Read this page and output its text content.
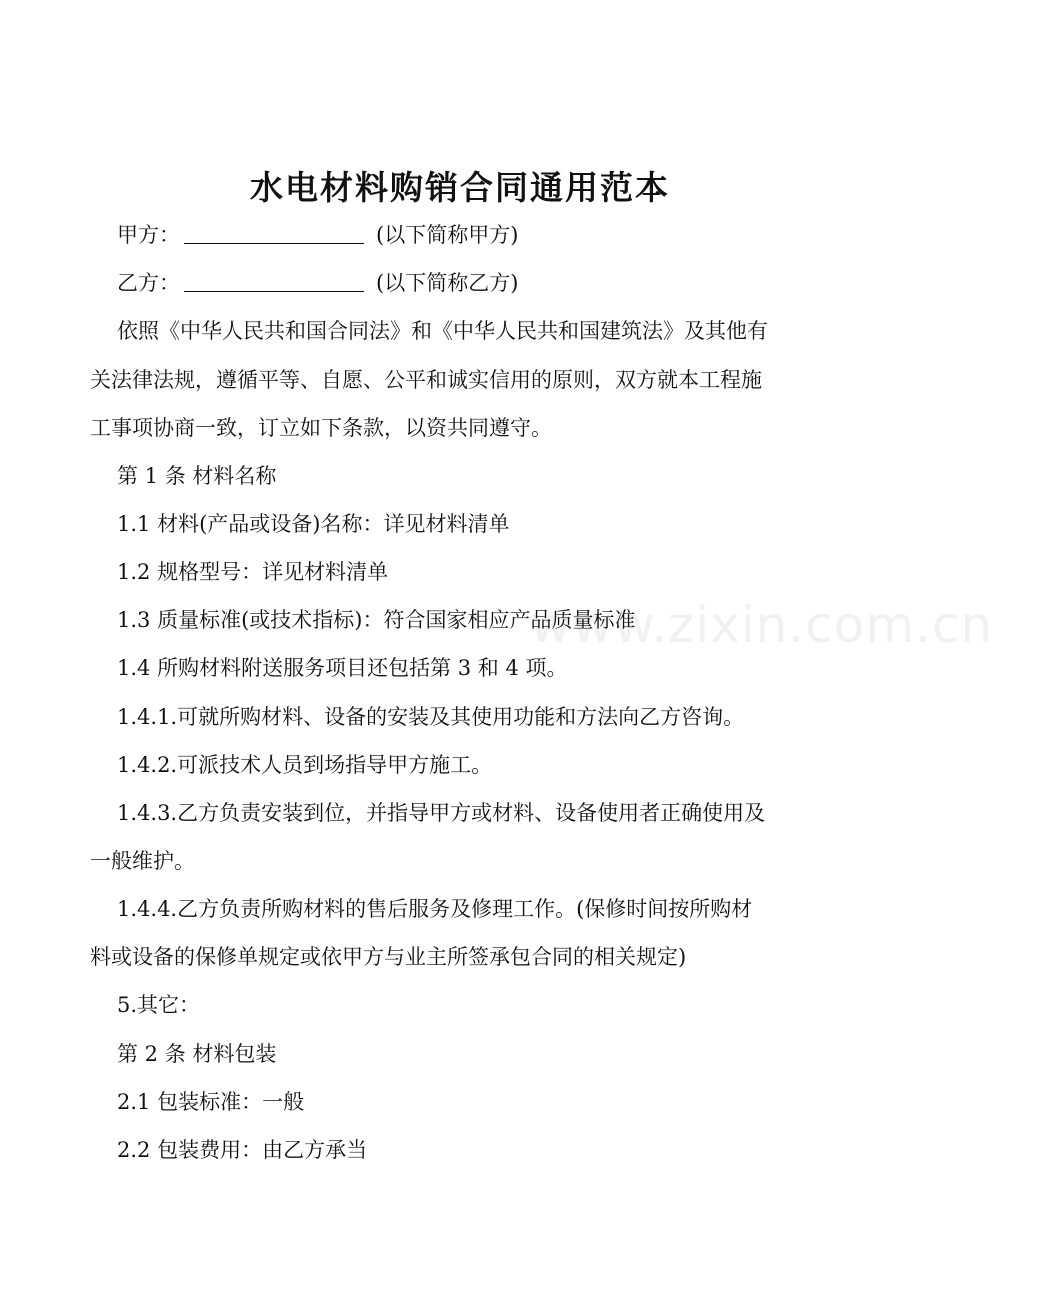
www.zixin.com.cn
水电材料购销合同通用范本
甲方：	(以下简称甲方)
乙方：	(以下简称乙方)
依照《中华人民共和国合同法》和《中华人民共和国建筑法》及其他有
关法律法规，遵循平等、自愿、公平和诚实信用的原则，双方就本工程施
工事项协商一致，订立如下条款，以资共同遵守。
第 1 条 材料名称
1.1 材料(产品或设备)名称：详见材料清单
1.2 规格型号：详见材料清单
1.3 质量标准(或技术指标)：符合国家相应产品质量标准
1.4 所购材料附送服务项目还包括第 3 和 4 项。
1.4.1.可就所购材料、设备的安装及其使用功能和方法向乙方咨询。
1.4.2.可派技术人员到场指导甲方施工。
1.4.3.乙方负责安装到位，并指导甲方或材料、设备使用者正确使用及
一般维护。
1.4.4.乙方负责所购材料的售后服务及修理工作。(保修时间按所购材
料或设备的保修单规定或依甲方与业主所签承包合同的相关规定)
5.其它：
第 2 条 材料包装
2.1 包装标准：一般
2.2 包装费用：由乙方承当
